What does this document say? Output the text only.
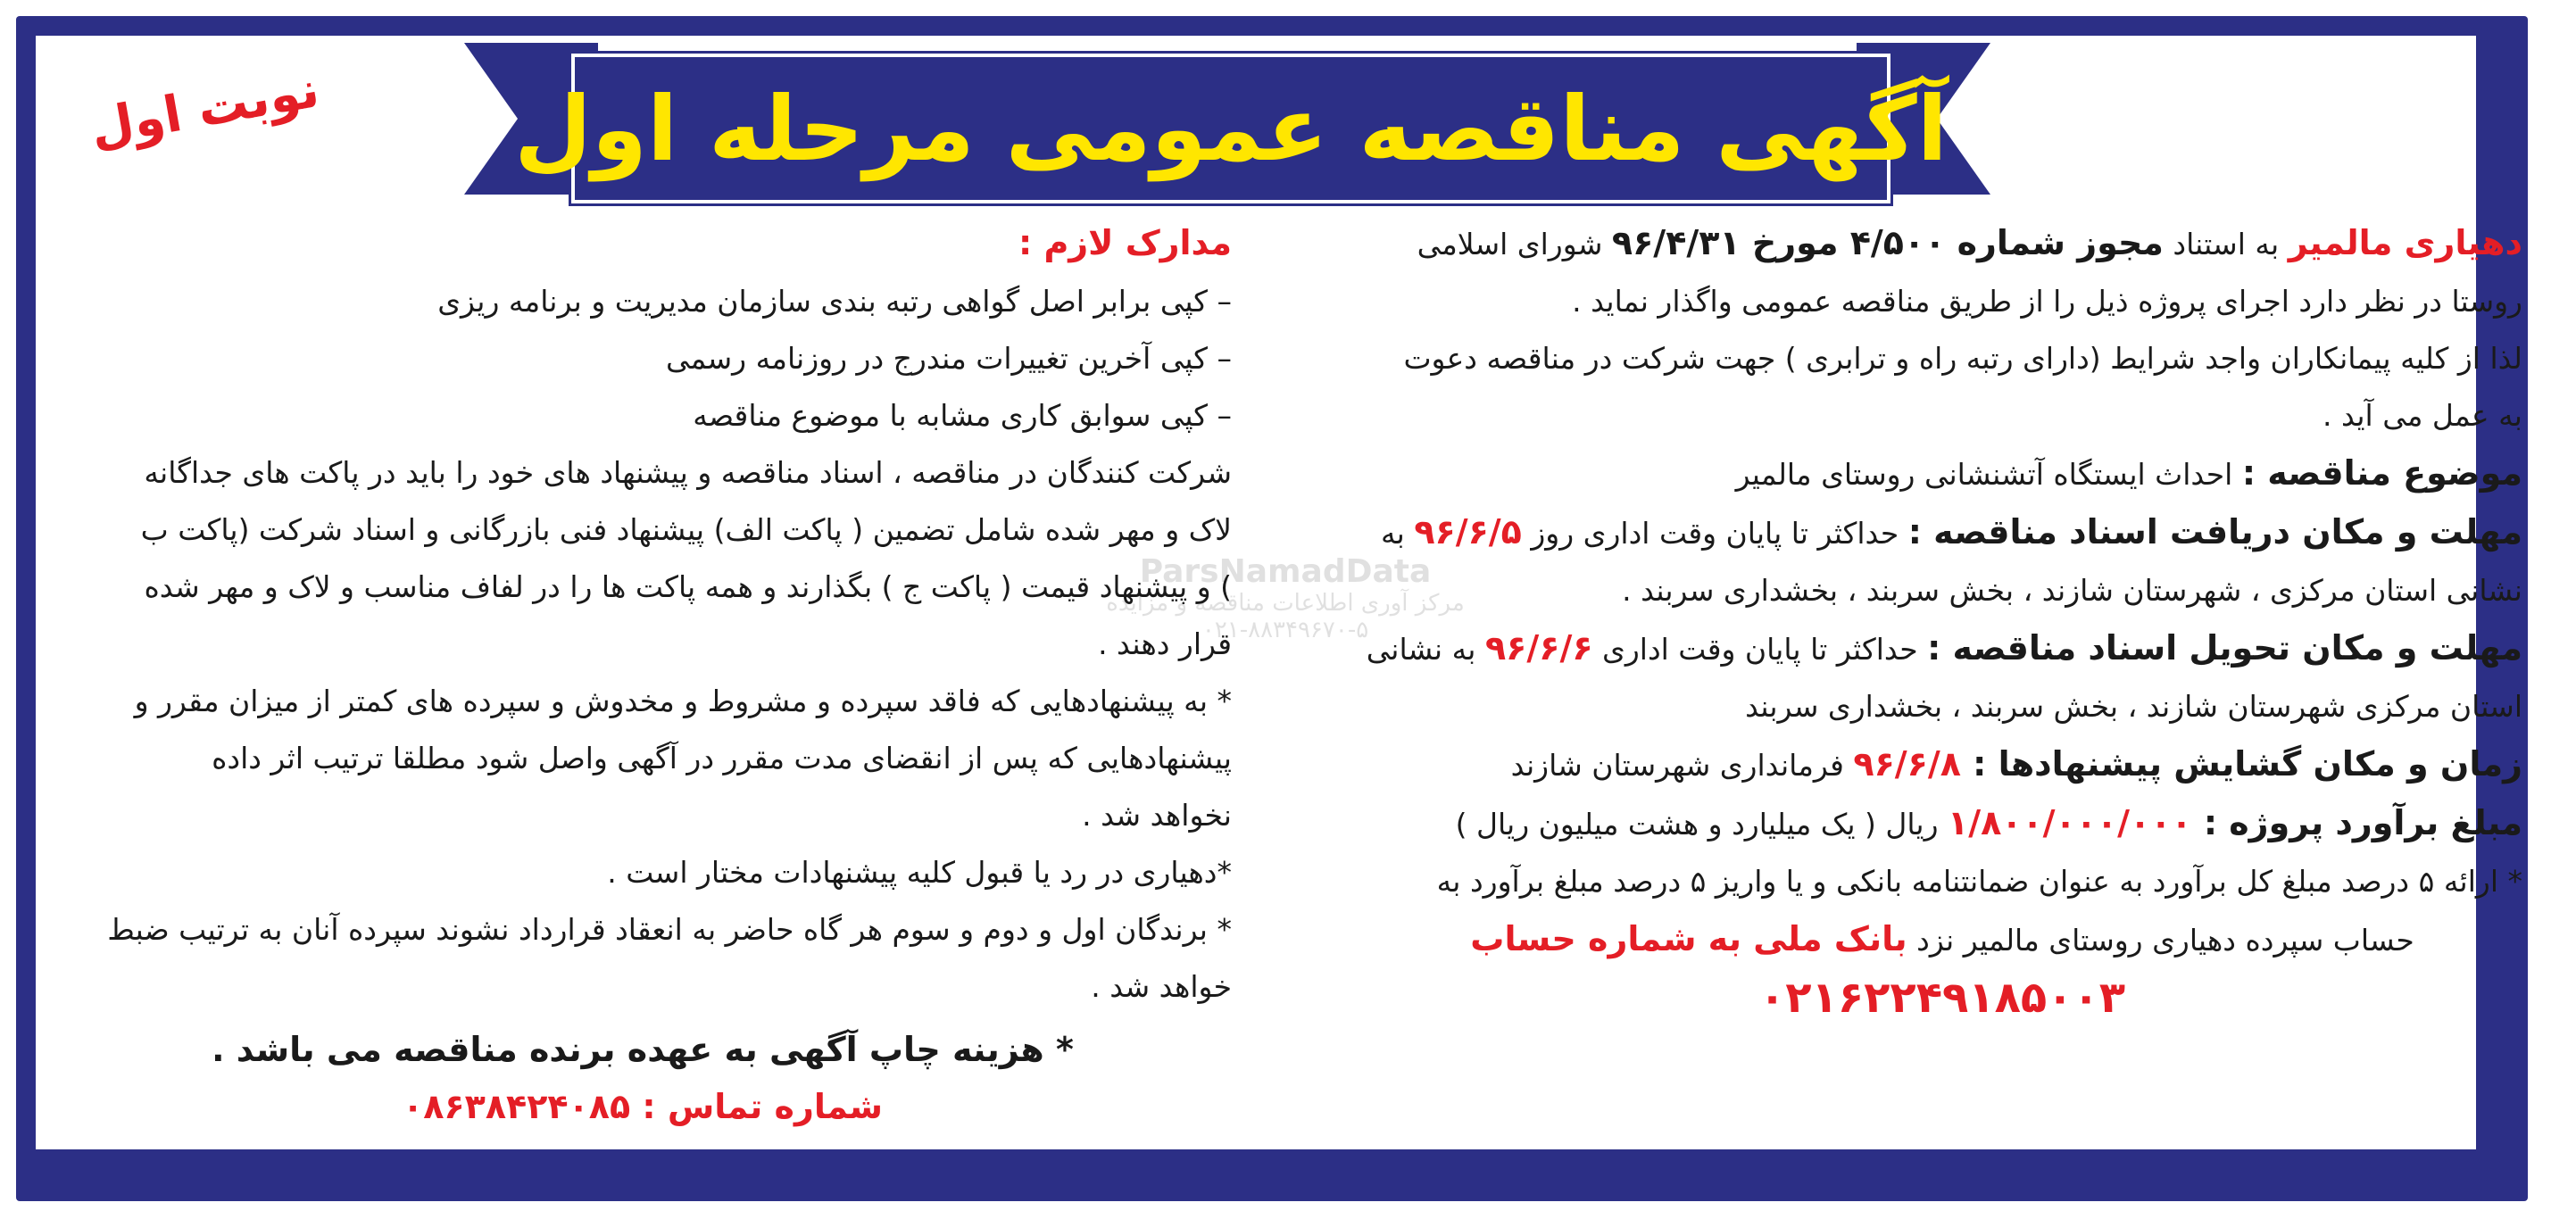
آگهی مناقصه عمومی مرحله اول
نوبت اول
ParsNamadData
مرکز آوری اطلاعات مناقصه و مزایده
۰۲۱-۸۸۳۴۹۶۷۰-۵
دهیاری مالمیر به استناد مجوز شماره ۴/۵۰۰ مورخ ۹۶/۴/۳۱ شورای اسلامی
روستا در نظر دارد اجرای پروژه ذیل را از طریق مناقصه عمومی واگذار نماید .
لذا از کلیه پیمانکاران واجد شرایط (دارای رتبه راه و ترابری ) جهت شرکت در مناقصه دعوت
به عمل می آید .
موضوع مناقصه : احداث ایستگاه آتشنشانی روستای مالمیر
مهلت و مکان دریافت اسناد مناقصه : حداکثر تا پایان وقت اداری روز ۹۶/۶/۵ به
نشانی استان مرکزی ، شهرستان شازند ، بخش سربند ، بخشداری سربند .
مهلت و مکان تحویل اسناد مناقصه : حداکثر تا پایان وقت اداری ۹۶/۶/۶ به نشانی
استان مرکزی شهرستان شازند ، بخش سربند ، بخشداری سربند
زمان و مکان گشایش پیشنهادها : ۹۶/۶/۸ فرمانداری شهرستان شازند
مبلغ برآورد پروژه : ۱/۸۰۰/۰۰۰/۰۰۰ ریال ( یک میلیارد و هشت میلیون ریال )
* ارائه ۵ درصد مبلغ کل برآورد به عنوان ضمانتنامه بانکی و یا واریز ۵ درصد مبلغ برآورد به
حساب سپرده دهیاری روستای مالمیر نزد بانک ملی به شماره حساب
۰۲۱۶۲۲۴۹۱۸۵۰۰۳
مدارک لازم :
– کپی برابر اصل گواهی رتبه بندی سازمان مدیریت و برنامه ریزی
– کپی آخرین تغییرات مندرج در روزنامه رسمی
– کپی سوابق کاری مشابه با موضوع مناقصه
شرکت کنندگان در مناقصه ، اسناد مناقصه و پیشنهاد های خود را باید در پاکت های جداگانه
لاک و مهر شده شامل تضمین ( پاکت الف) پیشنهاد فنی بازرگانی و اسناد شرکت (پاکت ب
) و پیشنهاد قیمت ( پاکت ج ) بگذارند و همه پاکت ها را در لفاف مناسب و لاک و مهر شده
قرار دهند .
* به پیشنهادهایی که فاقد سپرده و مشروط و مخدوش و سپرده های کمتر از میزان مقرر و
پیشنهادهایی که پس از انقضای مدت مقرر در آگهی واصل شود مطلقا ترتیب اثر داده
نخواهد شد .
*دهیاری در رد یا قبول کلیه پیشنهادات مختار است .
* برندگان اول و دوم و سوم هر گاه حاضر به انعقاد قرارداد نشوند سپرده آنان به ترتیب ضبط
خواهد شد .
* هزینه چاپ آگهی به عهده برنده مناقصه می باشد .
شماره تماس : ۰۸۶۳۸۴۲۴۰۸۵
